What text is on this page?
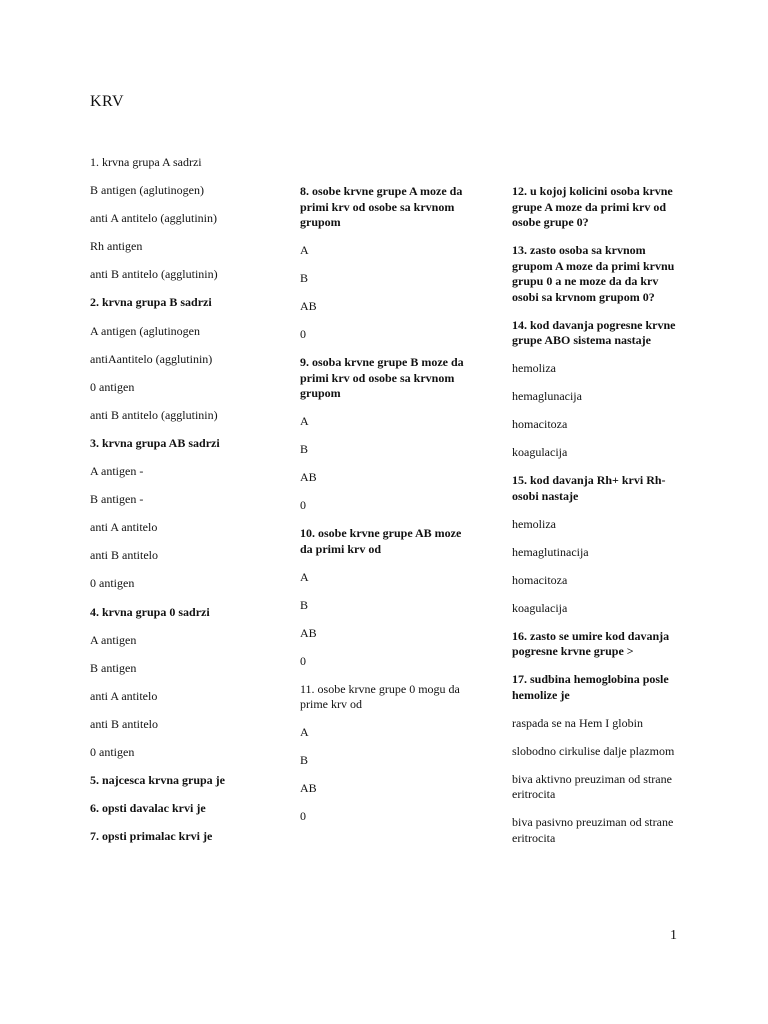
KRV
1. krvna grupa A sadrzi
B antigen (aglutinogen)
anti A antitelo (agglutinin)
Rh antigen
anti B antitelo (agglutinin)
2. krvna grupa B sadrzi
A antigen (aglutinogen
antiAantitelo (agglutinin)
0 antigen
anti B antitelo (agglutinin)
3. krvna grupa AB sadrzi
A antigen -
B antigen -
anti A antitelo
anti B antitelo
0 antigen
4. krvna grupa 0 sadrzi
A antigen
B antigen
anti A antitelo
anti B antitelo
0 antigen
5. najcesca krvna grupa je
6. opsti davalac krvi je
7. opsti primalac krvi je
8. osobe krvne grupe A moze da primi krv od osobe sa krvnom grupom
A
B
AB
0
9. osoba krvne grupe B moze da primi krv od osobe sa krvnom grupom
A
B
AB
0
10. osobe krvne grupe AB moze da primi krv od
A
B
AB
0
11. osobe krvne grupe 0 mogu da prime krv od
A
B
AB
0
12. u kojoj kolicini osoba krvne grupe A moze da primi krv od osobe grupe 0?
13. zasto osoba sa krvnom grupom A moze da primi krvnu grupu 0 a ne moze da da krv osobi sa krvnom grupom 0?
14. kod davanja pogresne krvne grupe ABO sistema nastaje
hemoliza
hemaglunacija
homacitoza
koagulacija
15. kod davanja Rh+ krvi Rh- osobi nastaje
hemoliza
hemaglutinacija
homacitoza
koagulacija
16. zasto se umire kod davanja pogresne krvne grupe >
17. sudbina hemoglobina posle hemolize je
raspada se na Hem I globin
slobodno cirkulise dalje plazmom
biva aktivno preuziman od strane eritrocita
biva pasivno preuziman od strane eritrocita
1
